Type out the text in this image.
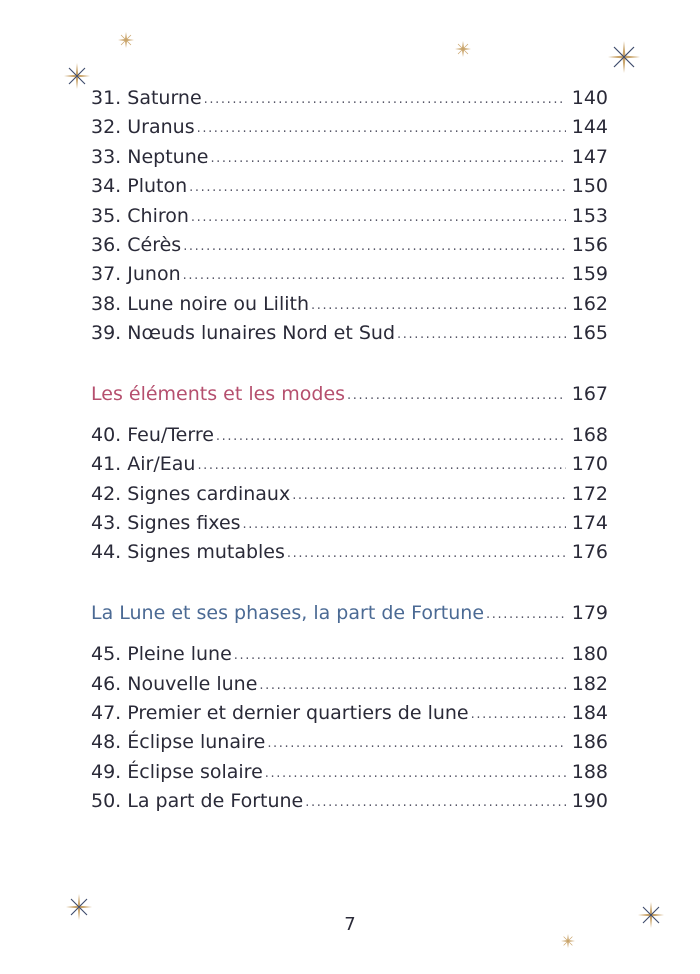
31. Saturne .....	140
32. Uranus .....	144
33. Neptune .....	147
34. Pluton .....	150
35. Chiron .....	153
36. Cérès .....	156
37. Junon .....	159
38. Lune noire ou Lilith .....	162
39. Nœuds lunaires Nord et Sud .....	165
Les éléments et les modes .....	167
40. Feu/Terre .....	168
41. Air/Eau .....	170
42. Signes cardinaux .....	172
43. Signes fixes .....	174
44. Signes mutables .....	176
La Lune et ses phases, la part de Fortune .....	179
45. Pleine lune .....	180
46. Nouvelle lune .....	182
47. Premier et dernier quartiers de lune .....	184
48. Éclipse lunaire .....	186
49. Éclipse solaire .....	188
50. La part de Fortune .....	190
7
